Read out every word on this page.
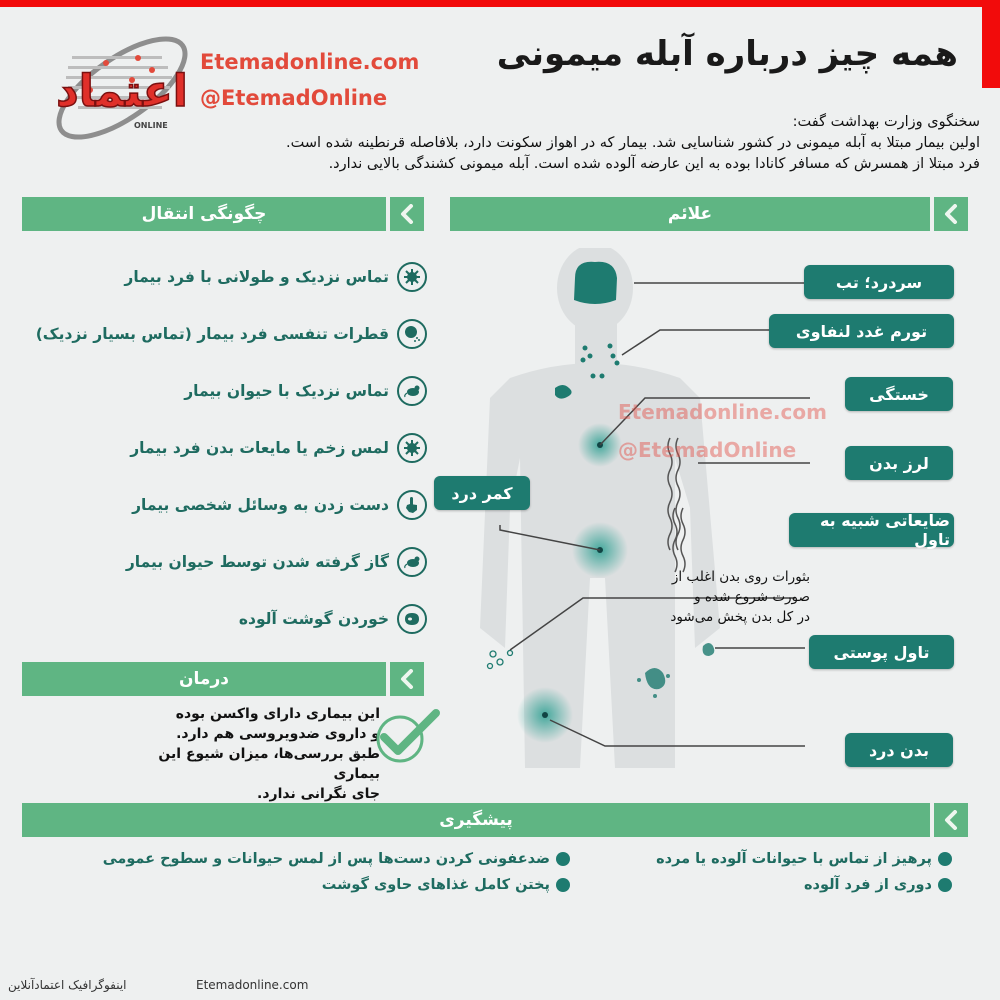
اعتماد
ONLINE
Etemadonline.com
@EtemadOnline
همه چیز درباره آبله میمونی
سخنگوی وزارت بهداشت گفت:
اولین بیمار مبتلا به آبله میمونی در کشور شناسایی شد. بیمار که در اهواز سکونت دارد، بلافاصله قرنطینه شده است.
فرد مبتلا از همسرش که مسافر کانادا بوده به این عارضه آلوده شده است. آبله میمونی کشندگی بالایی ندارد.
چگونگی انتقال	علائم
تماس نزدیک و طولانی با فرد بیمار
قطرات تنفسی فرد بیمار (تماس بسیار نزدیک)
تماس نزدیک با حیوان بیمار
لمس زخم یا مایعات بدن فرد بیمار
دست زدن به وسائل شخصی بیمار
گاز گرفته شدن توسط حیوان بیمار
خوردن گوشت آلوده
درمان
این بیماری دارای واکسن بوده
و داروی ضدویروسی هم دارد.
طبق بررسی‌ها، میزان شیوع این بیماری
جای نگرانی ندارد.
Etemadonline.com
@EtemadOnline
سردرد؛ تب
تورم غدد لنفاوی
خستگی
لرز بدن
کمر درد
ضایعاتی شبیه به تاول
بثورات روی بدن اغلب از
صورت شروع شده و
در کل بدن پخش می‌شود
تاول پوستی
بدن درد
پیشگیری
پرهیز از تماس با حیوانات آلوده یا مرده
دوری از فرد آلوده
ضدعفونی کردن دست‌ها پس از لمس حیوانات و سطوح عمومی
پختن کامل غذاهای حاوی گوشت
اینفوگرافیک اعتمادآنلاین	Etemadonline.com
